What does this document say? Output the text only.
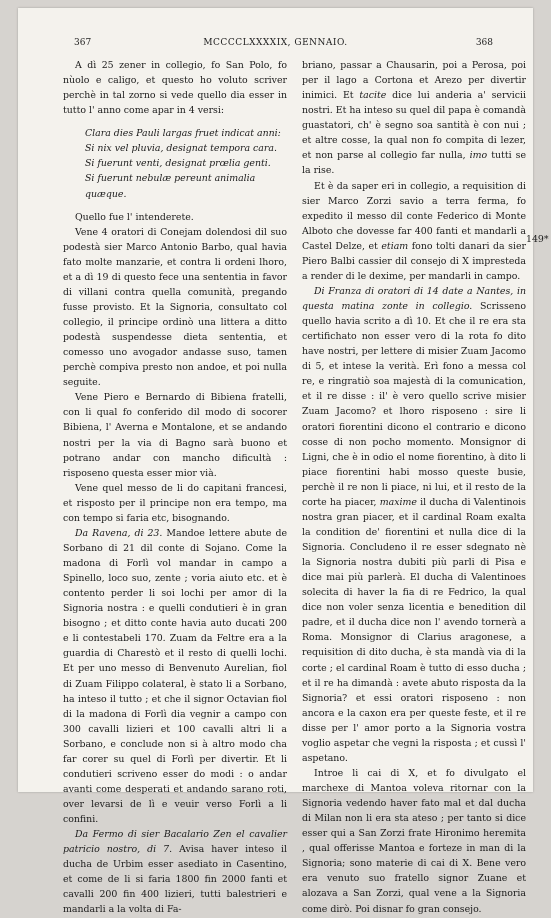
367	MCCCCLXXXXIX, GENNAIO.	368

A dì 25 zener in collegio, fo San Polo, fo nùolo e caligo, et questo ho voluto scriver perchè in tal zorno si vede quello dia esser in tutto l' anno come apar in 4 versi:

Clara dies Pauli largas fruet indicat anni:

Si nix vel pluvia, designat tempora cara.

Si fuerunt venti, designat prœlia genti.

Si fuerunt nebulæ pereunt animalia quæque.

Quello fue l' intenderete.

Vene 4 oratori di Conejam dolendosi dil suo podestà sier Marco Antonio Barbo, qual havia fato molte manzarie, et contra li ordeni lhoro, et a dì 19 di questo fece una sententia in favor di villani contra quella comunità, pregando fusse provisto. Et la Signoria, consultato col collegio, il principe ordinò una littera a ditto podestà suspendesse dieta sententia, et comesso uno avogador andasse suso, tamen perchè compiva presto non andoe, et poi nulla seguite.

Vene Piero e Bernardo di Bibiena fratelli, con li qual fo conferido dil modo di socorer Bibiena, l' Averna e Montalone, et se andando nostri per la via di Bagno sarà buono et potrano andar con mancho dificultà : risposeno questa esser mior vià.

Vene quel messo de li do capitani francesi, et risposto per il principe non era tempo, ma con tempo si faria etc, bisognando.

Da Ravena, di 23. Mandoe lettere abute de Sorbano di 21 dil conte di Sojano. Come la madona di Forlì vol mandar in campo a Spinello, loco suo, zente ; voria aiuto etc. et è contento perder li soi lochi per amor di la Signoria nostra : e quelli condutieri è in gran bisogno ; et ditto conte havia auto ducati 200 e li contestabeli 170. Zuam da Feltre era a la guardia di Charestò et il resto di quelli lochi. Et per uno messo di Benvenuto Aurelian, fiol di Zuam Filippo colateral, è stato li a Sorbano, ha inteso il tutto ; et che il signor Octavian fiol di la madona di Forlì dia vegnir a campo con 300 cavalli lizieri et 100 cavalli altri li a Sorbano, e conclude non si à altro modo cha far corer su quel di Forlì per divertir. Et li condutieri scriveno esser do modi : o andar avanti come desperati et andando sarano roti, over levarsi de lì e veuir verso Forlì a li confini.

Da Fermo di sier Bacalario Zen el cavalier patricio nostro, di 7. Avisa haver inteso il ducha de Urbim esser asediato in Casentino, et come de li si faria 1800 fin 2000 fanti et cavalli 200 fin 400 lizieri, tutti balestrieri e mandarli a la volta di Fa-

briano, passar a Chausarin, poi a Perosa, poi per il lago a Cortona et Arezo per divertir inimici. Et tacite dice lui anderia a' servicii nostri. Et ha inteso su quel dil papa è comandà guastatori, ch' è segno soa santità è con nui ; et altre cosse, la qual non fo compita di lezer, et non parse al collegio far nulla, imo tutti se la rise.

Et è da saper eri in collegio, a requisition di sier Marco Zorzi savio a terra ferma, fo expedito il messo dil conte Federico di Monte Alboto che dovesse far 400 fanti et mandarli a Castel Delze, et etiam fono tolti danari da sier Piero Balbi cassier dil consejo di X impresteda a render di le dexime, per mandarli in campo.

Di Franza di oratori di 14 date a Nantes, in questa matina zonte in collegio. Scrisseno quello havia scrito a dì 10. Et che il re era sta certifichato non esser vero di la rota fo dito have nostri, per lettere di misier Zuam Jacomo di 5, et intese la verità. Erì fono a messa col re, e ringratiò soa majestà di la comunication, et il re disse : il' è vero quello scrive misier Zuam Jacomo? et lhoro risposeno : sire li oratori fiorentini dicono el contrario e dicono cosse di non pocho momento. Monsignor di Ligni, che è in odio el nome fiorentino, à dito li piace fiorentini habi mosso queste busie, perchè il re non li piace, ni lui, et il resto de la corte ha piacer, maxime il ducha di Valentinois nostra gran piacer, et il cardinal Roam exalta la condition de' fiorentini et nulla dice di la Signoria. Concludeno il re esser sdegnato nè la Signoria nostra dubiti più parli di Pisa e dice mai più parlerà. El ducha di Valentinoes solecita di haver la fia di re Fedrico, la qual dice non voler senza licentia e benedition dil padre, et il ducha dice non l' avendo tornerà a Roma. Monsignor di Clarius aragonese, a requisition di dito ducha, è sta mandà via di la corte ; el cardinal Roam è tutto di esso ducha ; et il re ha dimandà : avete abuto risposta da la Signoria? et essi oratori risposeno : non ancora e la caxon era per queste feste, et il re disse per l' amor porto a la Signoria vostra voglio aspetar che vegni la risposta ; et cussì l' aspetano.

Introe li cai di X, et fo divulgato el marchexe di Mantoa voleva ritornar con la Signoria vedendo haver fato mal et dal ducha di Milan non li era sta ateso ; per tanto si dice esser qui a San Zorzi frate Hironimo heremita , qual offerisse Mantoa e forteze in man di la Signoria; sono materie di cai di X. Bene vero era venuto suo fratello signor Zuane et alozava a San Zorzi, qual vene a la Signoria come dirò. Poi disnar fo gran consejo.

149*
